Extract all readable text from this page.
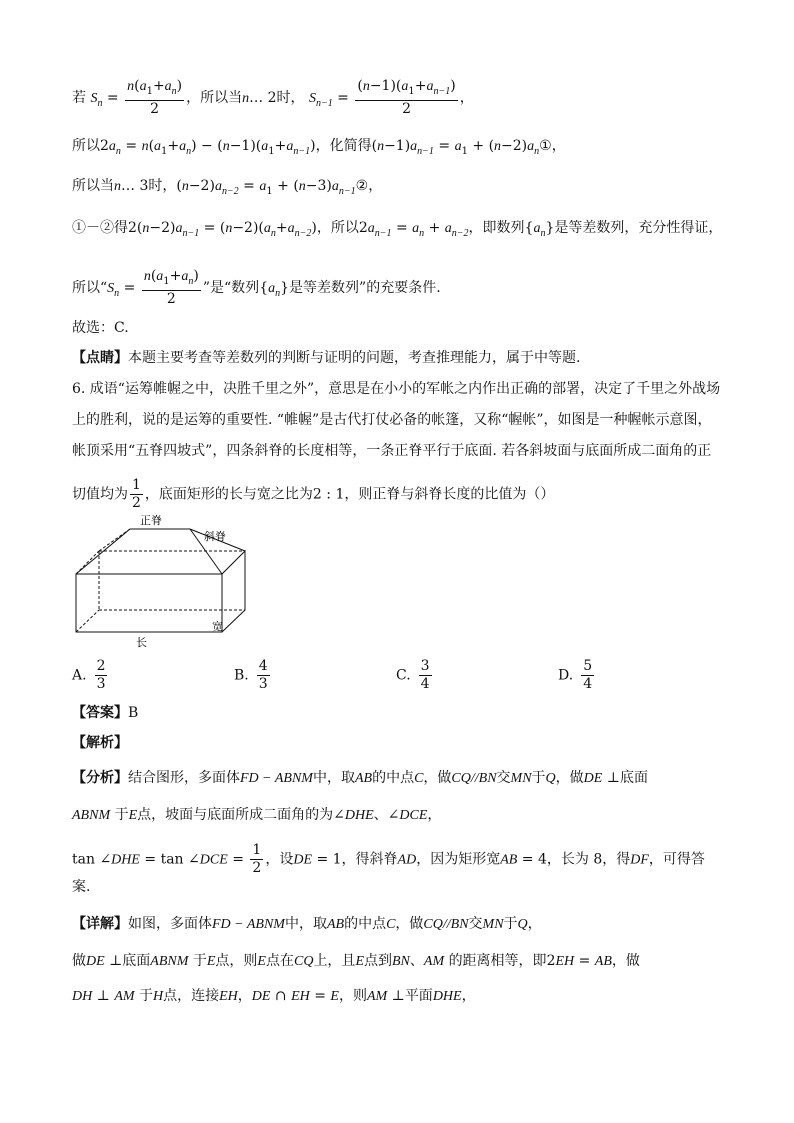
若 $S_n = \frac{n(a_1+a_n)}{2}$ ，所以当n… 2时， $S_{n-1} = \frac{(n-1)(a_1+a_{n-1})}{2}$ ，
所以$2a_n = n(a_1+a_n) - (n-1)(a_1+a_{n-1})$，化简得$(n-1)a_{n-1} = a_1$ + $(n-2)a_n①$，
所以当n… 3时，$(n-2)a_{n-2} = a_1$ + $(n-3)a_{n-1}②$，
①－②得$2(n-2)a_{n-1} = (n-2)(a_n+a_{n-2})$，所以$2a_{n-1} = a_n + a_{n-2}$，即数列$\{a_n\}$是等差数列，充分性得证，
所以“$S_n = \frac{n(a_1+a_n)}{2}$ ”是“数列$\{a_n\}$是等差数列”的充要条件.
故选：C.
【点睛】本题主要考查等差数列的判断与证明的问题，考查推理能力，属于中等题.
6. 成语“运筹帷幄之中，决胜千里之外”，意思是在小小的军帐之内作出正确的部署，决定了千里之外战场
上的胜利，说的是运筹的重要性. “帷幄”是古代打仗必备的帐篷，又称“幄帐”，如图是一种幄帐示意图，
帐顶采用“五脊四坡式”，四条斜脊的长度相等，一条正脊平行于底面. 若各斜坡面与底面所成二面角的正
切值均为 $\frac{1}{2}$ ，底面矩形的长与宽之比为2 : 1，则正脊与斜脊长度的比值为（）
正脊
斜脊
长
宽
A. $\frac{2}{3}$	B. $\frac{4}{3}$	C. $\frac{3}{4}$	D. $\frac{5}{4}$
【答案】B
【解析】
【分析】结合图形，多面体FD − ABNM中，取AB的中点C，做CQ//BN交MN于Q，做DE ⊥底面
ABNM 于E点，坡面与底面所成二面角的为∠DHE、∠DCE，
tan ∠DHE = tan ∠DCE = $\frac{1}{2}$ ，设DE = 1，得斜脊AD，因为矩形宽AB = 4，长为 8，得DF，可得答
案.
【详解】如图，多面体FD − ABNM中，取AB的中点C，做CQ//BN交MN于Q，
做DE ⊥底面ABNM 于E点，则E点在CQ上，且E点到BN、AM 的距离相等，即2EH = AB，做
DH ⊥ AM 于H点，连接EH，DE ∩ EH = E，则AM ⊥平面DHE，
